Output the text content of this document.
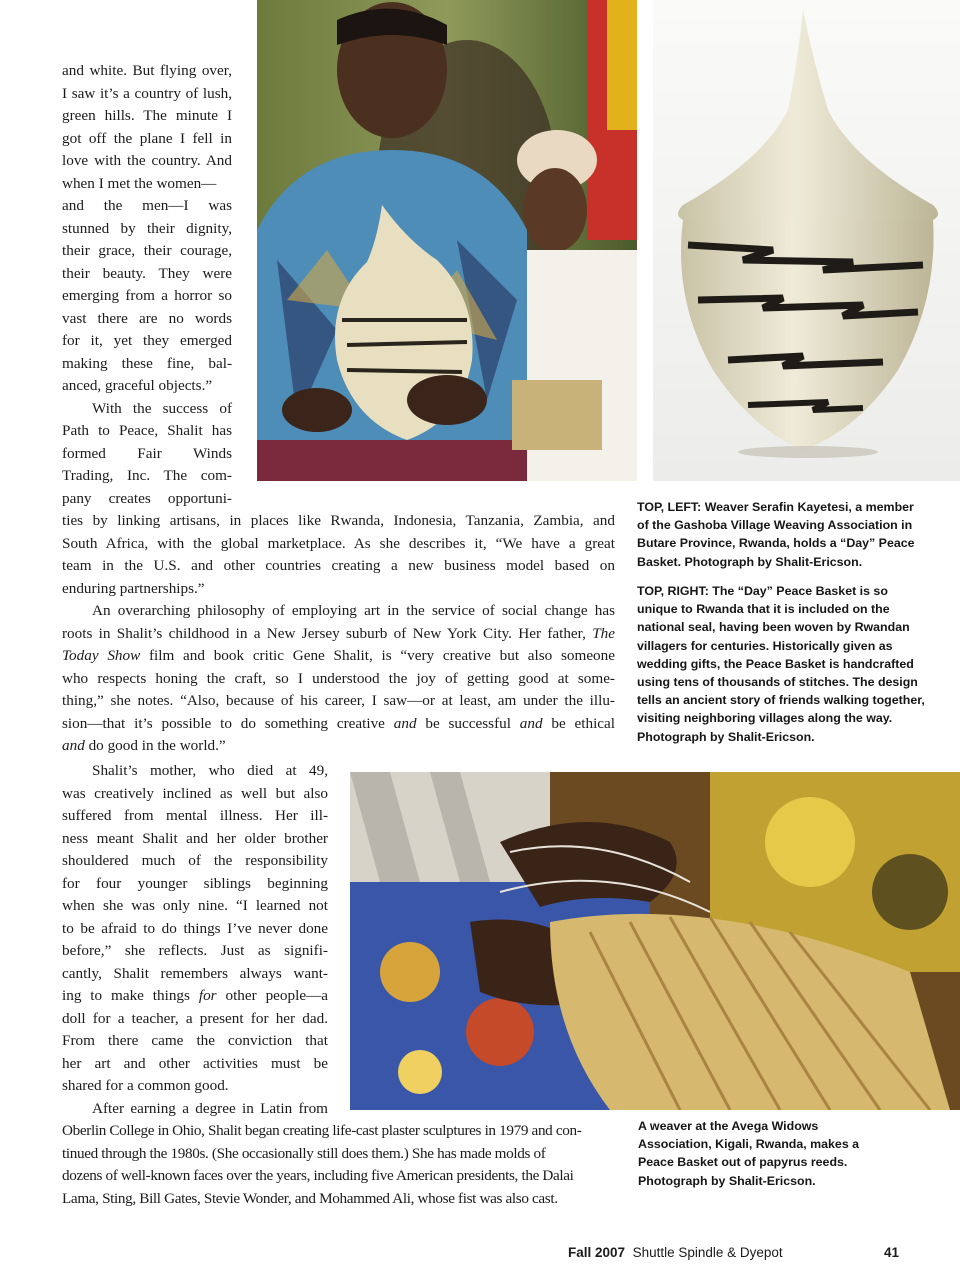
and white. But flying over,

I saw it’s a country of lush,

green hills. The minute I

got off the plane I fell in

love with the country. And

when I met the women—

and the men—I was

stunned by their dignity,

their grace, their courage,

their beauty. They were

emerging from a horror so

vast there are no words

for it, yet they emerged

making these fine, bal-

anced, graceful objects.”

With the success of

Path to Peace, Shalit has

formed Fair Winds

Trading, Inc. The com-

pany creates opportuni-

ties by linking artisans, in places like Rwanda, Indonesia, Tanzania, Zambia, and

South Africa, with the global marketplace. As she describes it, “We have a great

team in the U.S. and other countries creating a new business model based on

enduring partnerships.”

An overarching philosophy of employing art in the service of social change has

roots in Shalit’s childhood in a New Jersey suburb of New York City. Her father, The

Today Show film and book critic Gene Shalit, is “very creative but also someone

who respects honing the craft, so I understood the joy of getting good at some-

thing,” she notes. “Also, because of his career, I saw—or at least, am under the illu-

sion—that it’s possible to do something creative and be successful and be ethical

and do good in the world.”

Shalit’s mother, who died at 49,

was creatively inclined as well but also

suffered from mental illness. Her ill-

ness meant Shalit and her older brother

shouldered much of the responsibility

for four younger siblings beginning

when she was only nine. “I learned not

to be afraid to do things I’ve never done

before,” she reflects. Just as signifi-

cantly, Shalit remembers always want-

ing to make things for other people—a

doll for a teacher, a present for her dad.

From there came the conviction that

her art and other activities must be

shared for a common good.

After earning a degree in Latin from

Oberlin College in Ohio, Shalit began creating life-cast plaster sculptures in 1979 and con-

tinued through the 1980s. (She occasionally still does them.) She has made molds of

dozens of well-known faces over the years, including five American presidents, the Dalai

Lama, Sting, Bill Gates, Stevie Wonder, and Mohammed Ali, whose fist was also cast.

TOP, LEFT: Weaver Serafin Kayetesi, a member of the Gashoba Village Weaving Association in Butare Province, Rwanda, holds a “Day” Peace Basket. Photograph by Shalit-Ericson.

TOP, RIGHT: The “Day” Peace Basket is so unique to Rwanda that it is included on the national seal, having been woven by Rwandan villagers for centuries. Historically given as wedding gifts, the Peace Basket is handcrafted using tens of thousands of stitches. The design tells an ancient story of friends walking together, visiting neighboring villages along the way. Photograph by Shalit-Ericson.

A weaver at the Avega Widows Association, Kigali, Rwanda, makes a Peace Basket out of papyrus reeds. Photograph by Shalit-Ericson.

Fall 2007 Shuttle Spindle & Dyepot	41
